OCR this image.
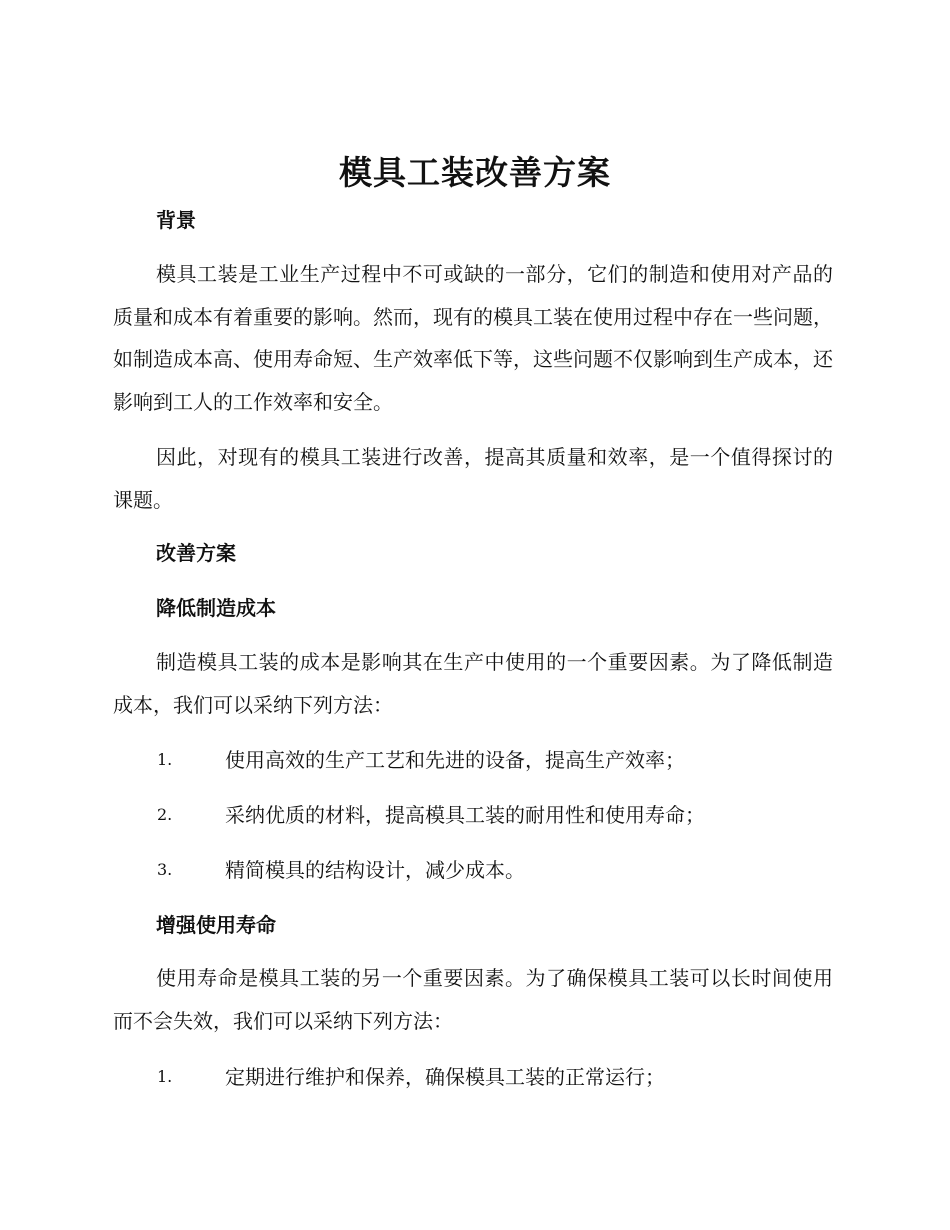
模具工装改善方案

背景

模具工装是工业生产过程中不可或缺的一部分，它们的制造和使用对产品的质量和成本有着重要的影响。然而，现有的模具工装在使用过程中存在一些问题，如制造成本高、使用寿命短、生产效率低下等，这些问题不仅影响到生产成本，还影响到工人的工作效率和安全。

因此，对现有的模具工装进行改善，提高其质量和效率，是一个值得探讨的课题。

改善方案

降低制造成本

制造模具工装的成本是影响其在生产中使用的一个重要因素。为了降低制造成本，我们可以采纳下列方法：

1.	使用高效的生产工艺和先进的设备，提高生产效率；
2.	采纳优质的材料，提高模具工装的耐用性和使用寿命；
3.	精简模具的结构设计，减少成本。

增强使用寿命

使用寿命是模具工装的另一个重要因素。为了确保模具工装可以长时间使用而不会失效，我们可以采纳下列方法：

1.	定期进行维护和保养，确保模具工装的正常运行；
